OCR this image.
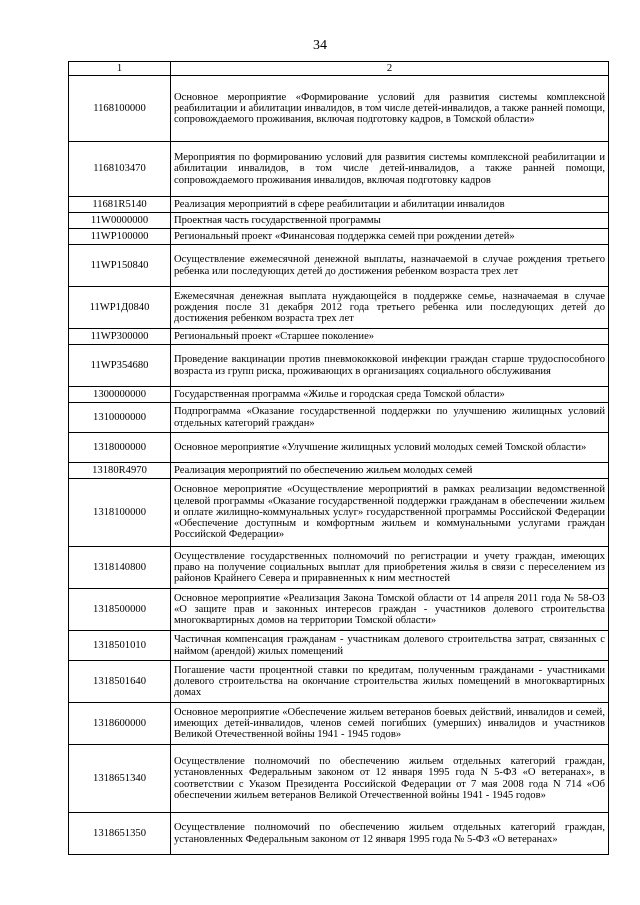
34
1	2
1168100000	Основное мероприятие «Формирование условий для развития системы комплексной реабилитации и абилитации инвалидов, в том числе детей-инвалидов, а также ранней помощи, сопровождаемого проживания, включая подготовку кадров, в Томской области»
1168103470	Мероприятия по формированию условий для развития системы комплексной реабилитации и абилитации инвалидов, в том числе детей-инвалидов, а также ранней помощи, сопровождаемого проживания инвалидов, включая подготовку кадров
11681R5140	Реализация мероприятий в сфере реабилитации и абилитации инвалидов
11W0000000	Проектная часть государственной программы
11WP100000	Региональный проект «Финансовая поддержка семей при рождении детей»
11WP150840	Осуществление ежемесячной денежной выплаты, назначаемой в случае рождения третьего ребенка или последующих детей до достижения ребенком возраста трех лет
11WP1Д0840	Ежемесячная денежная выплата нуждающейся в поддержке семье, назначаемая в случае рождения после 31 декабря 2012 года третьего ребенка или последующих детей до достижения ребенком возраста трех лет
11WP300000	Региональный проект «Старшее поколение»
11WP354680	Проведение вакцинации против пневмококковой инфекции граждан старше трудоспособного возраста из групп риска, проживающих в организациях социального обслуживания
1300000000	Государственная программа «Жилье и городская среда Томской области»
1310000000	Подпрограмма «Оказание государственной поддержки по улучшению жилищных условий отдельных категорий граждан»
1318000000	Основное мероприятие «Улучшение жилищных условий молодых семей Томской области»
13180R4970	Реализация мероприятий по обеспечению жильем молодых семей
1318100000	Основное мероприятие «Осуществление мероприятий в рамках реализации ведомственной целевой программы «Оказание государственной поддержки гражданам в обеспечении жильем и оплате жилищно-коммунальных услуг» государственной программы Российской Федерации «Обеспечение доступным и комфортным жильем и коммунальными услугами граждан Российской Федерации»
1318140800	Осуществление государственных полномочий по регистрации и учету граждан, имеющих право на получение социальных выплат для приобретения жилья в связи с переселением из районов Крайнего Севера и приравненных к ним местностей
1318500000	Основное мероприятие «Реализация Закона Томской области от 14 апреля 2011 года № 58-ОЗ «О защите прав и законных интересов граждан - участников долевого строительства многоквартирных домов на территории Томской области»
1318501010	Частичная компенсация гражданам - участникам долевого строительства затрат, связанных с наймом (арендой) жилых помещений
1318501640	Погашение части процентной ставки по кредитам, полученным гражданами - участниками долевого строительства на окончание строительства жилых помещений в многоквартирных домах
1318600000	Основное мероприятие «Обеспечение жильем ветеранов боевых действий, инвалидов и семей, имеющих детей-инвалидов, членов семей погибших (умерших) инвалидов и участников Великой Отечественной войны 1941 - 1945 годов»
1318651340	Осуществление полномочий по обеспечению жильем отдельных категорий граждан, установленных Федеральным законом от 12 января 1995 года N 5-ФЗ «О ветеранах», в соответствии с Указом Президента Российской Федерации от 7 мая 2008 года N 714 «Об обеспечении жильем ветеранов Великой Отечественной войны 1941 - 1945 годов»
1318651350	Осуществление полномочий по обеспечению жильем отдельных категорий граждан, установленных Федеральным законом от 12 января 1995 года № 5-ФЗ «О ветеранах»
